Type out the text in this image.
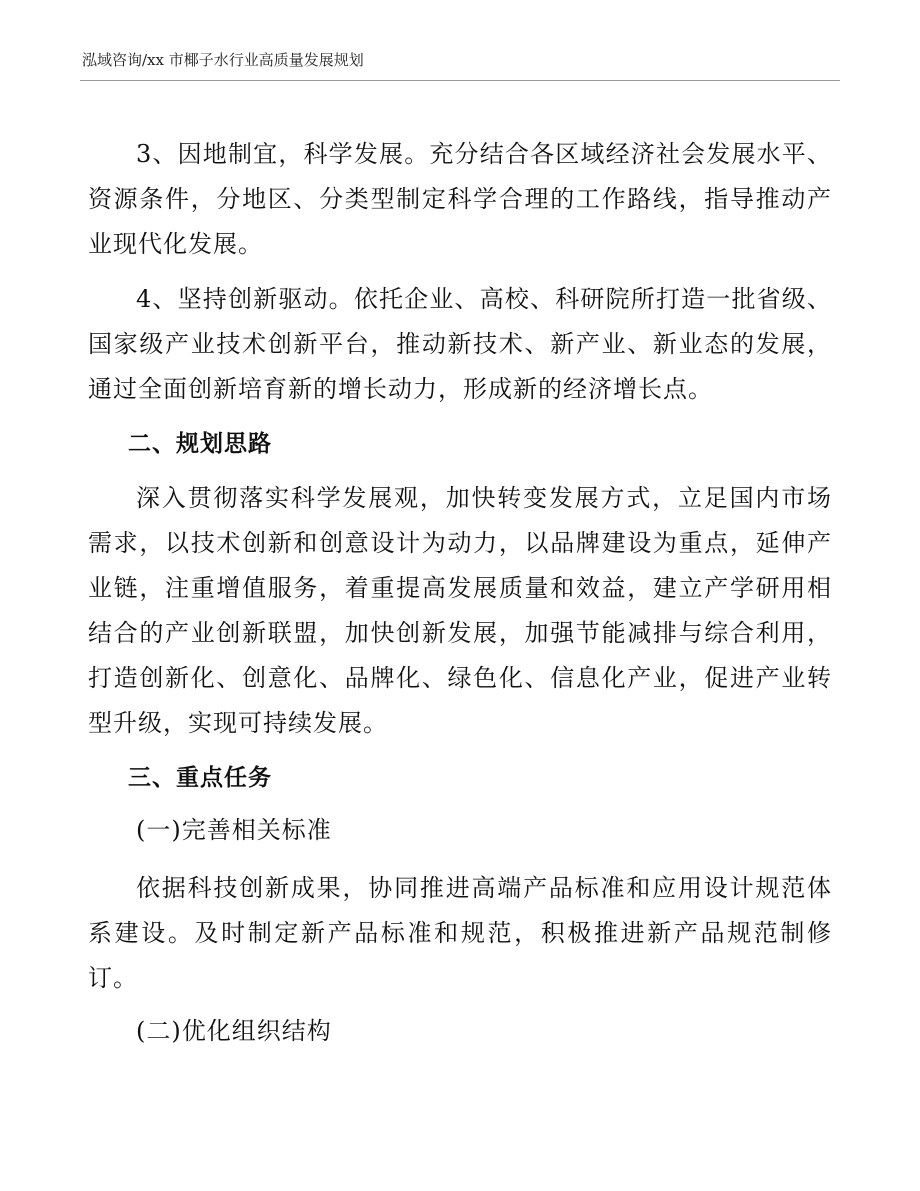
泓域咨询/xx 市椰子水行业高质量发展规划

3、因地制宜，科学发展。充分结合各区域经济社会发展水平、资源条件，分地区、分类型制定科学合理的工作路线，指导推动产业现代化发展。

4、坚持创新驱动。依托企业、高校、科研院所打造一批省级、国家级产业技术创新平台，推动新技术、新产业、新业态的发展，通过全面创新培育新的增长动力，形成新的经济增长点。

二、规划思路

深入贯彻落实科学发展观，加快转变发展方式，立足国内市场需求，以技术创新和创意设计为动力，以品牌建设为重点，延伸产业链，注重增值服务，着重提高发展质量和效益，建立产学研用相结合的产业创新联盟，加快创新发展，加强节能减排与综合利用，打造创新化、创意化、品牌化、绿色化、信息化产业，促进产业转型升级，实现可持续发展。

三、重点任务
(一)完善相关标准

依据科技创新成果，协同推进高端产品标准和应用设计规范体系建设。及时制定新产品标准和规范，积极推进新产品规范制修订。

(二)优化组织结构
